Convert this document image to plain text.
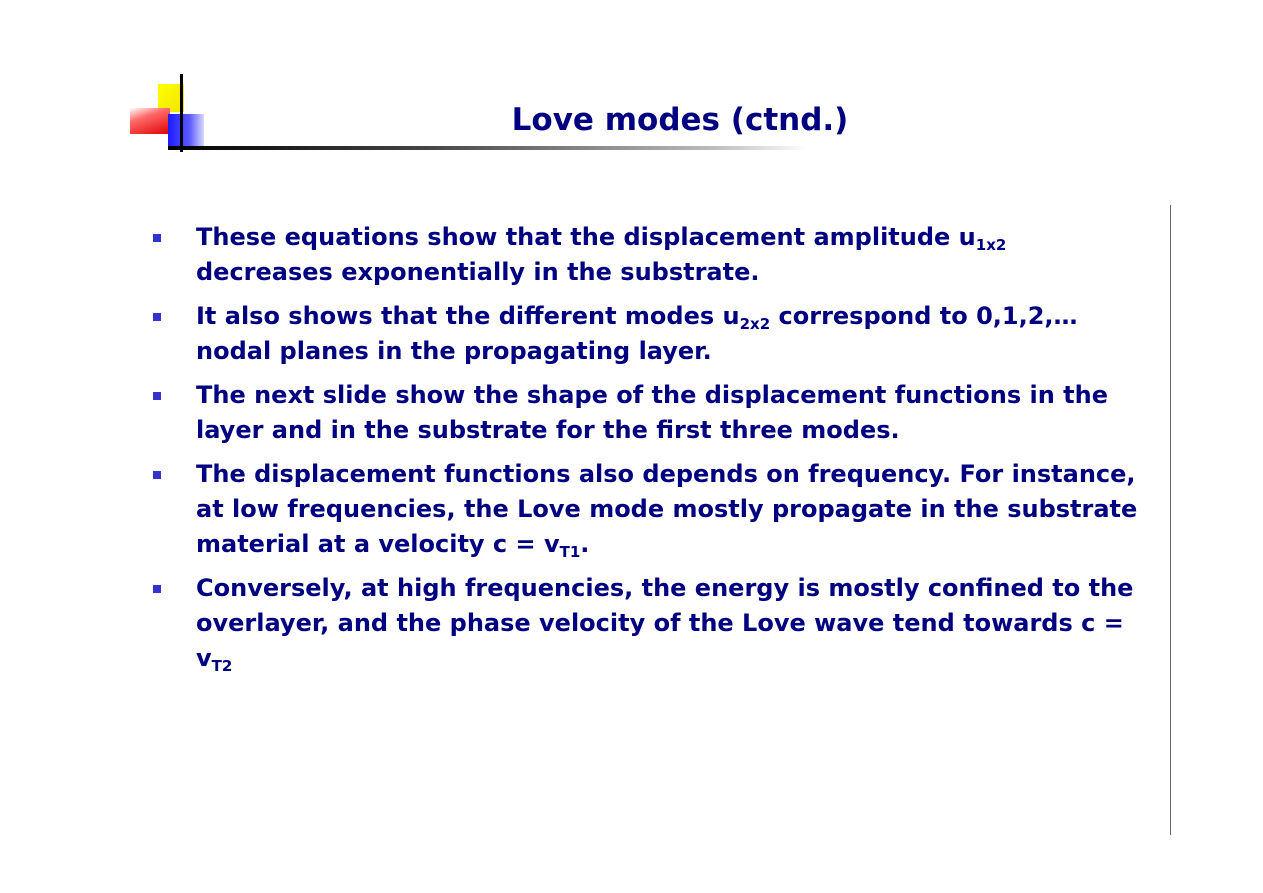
Love modes (ctnd.)
These equations show that the displacement amplitude $u_{1x2}$ decreases exponentially in the substrate.
It also shows that the different modes $u_{2x2}$ correspond to 0,1,2,… nodal planes in the propagating layer.
The next slide show the shape of the displacement functions in the layer and in the substrate for the first three modes.
The displacement functions also depends on frequency. For instance, at low frequencies, the Love mode mostly propagate in the substrate material at a velocity $c = v_{T1}$.
Conversely, at high frequencies, the energy is mostly confined to the overlayer, and the phase velocity of the Love wave tend towards $c = v_{T2}$
